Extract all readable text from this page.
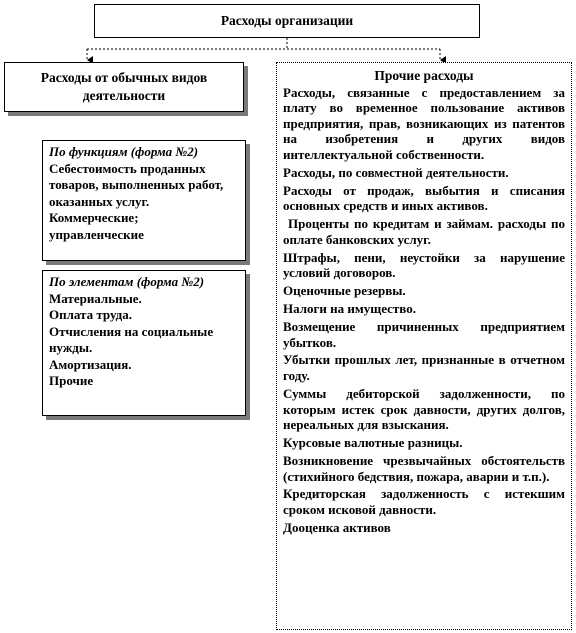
Расходы организации
Расходы от обычных видов деятельности
По функциям (форма №2)
Себестоимость проданных товаров, выполненных работ, оказанных услуг.
Коммерческие;
управленческие
По элементам (форма №2)
Материальные.
Оплата труда.
Отчисления на социальные нужды.
Амортизация.
Прочие
Прочие расходы
Расходы, связанные с предоставлением за плату во временное пользование активов предприятия, прав, возникающих из патентов на изобретения и других видов интеллектуальной собственности.
Расходы, по совместной деятельности.
Расходы от продаж, выбытия и списания основных средств и иных активов.
Проценты по кредитам и займам. расходы по оплате банковских услуг.
Штрафы, пени, неустойки за нарушение условий договоров.
Оценочные резервы.
Налоги на имущество.
Возмещение причиненных предприятием убытков.
Убытки прошлых лет, признанные в отчетном году.
Суммы дебиторской задолженности, по которым истек срок давности, других долгов, нереальных для взыскания.
Курсовые валютные разницы.
Возникновение чрезвычайных обстоятельств (стихийного бедствия, пожара, аварии и т.п.).
Кредиторская задолженность с истекшим сроком исковой давности.
Дооценка активов
